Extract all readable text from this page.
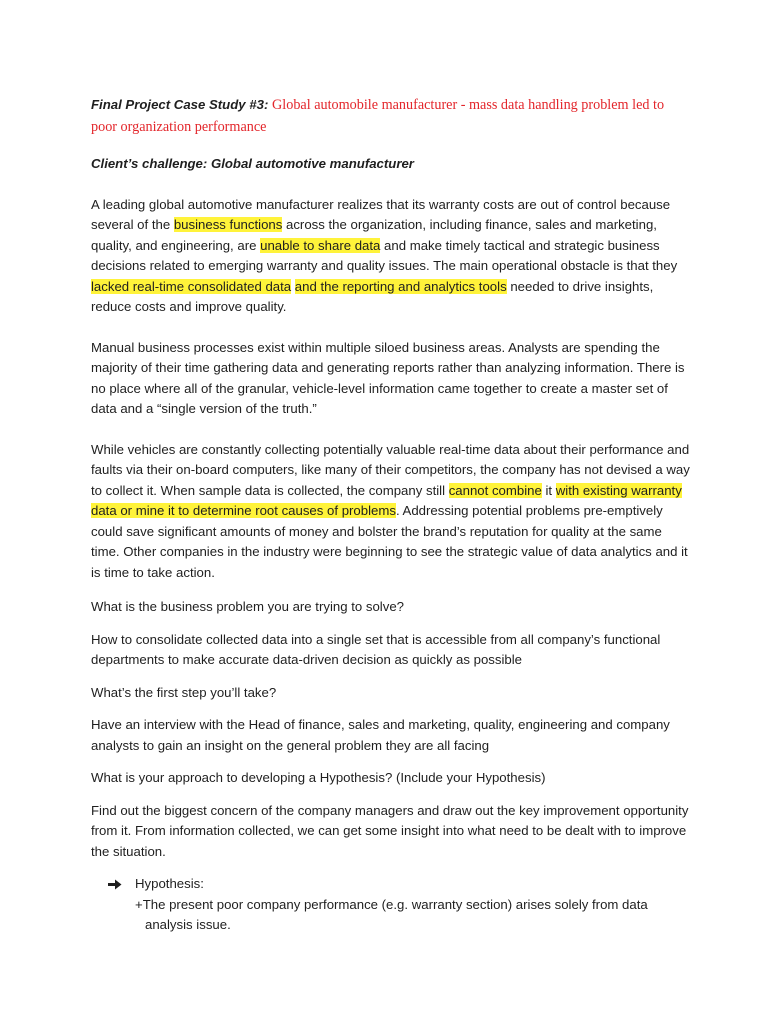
Final Project Case Study #3: Global automobile manufacturer - mass data handling problem led to poor organization performance

Client’s challenge: Global automotive manufacturer

A leading global automotive manufacturer realizes that its warranty costs are out of control because several of the business functions across the organization, including finance, sales and marketing, quality, and engineering, are unable to share data and make timely tactical and strategic business decisions related to emerging warranty and quality issues. The main operational obstacle is that they lacked real-time consolidated data and the reporting and analytics tools needed to drive insights, reduce costs and improve quality.

Manual business processes exist within multiple siloed business areas. Analysts are spending the majority of their time gathering data and generating reports rather than analyzing information. There is no place where all of the granular, vehicle-level information came together to create a master set of data and a “single version of the truth.”

While vehicles are constantly collecting potentially valuable real-time data about their performance and faults via their on-board computers, like many of their competitors, the company has not devised a way to collect it. When sample data is collected, the company still cannot combine it with existing warranty data or mine it to determine root causes of problems. Addressing potential problems pre-emptively could save significant amounts of money and bolster the brand’s reputation for quality at the same time. Other companies in the industry were beginning to see the strategic value of data analytics and it is time to take action.

What is the business problem you are trying to solve?

How to consolidate collected data into a single set that is accessible from all company’s functional departments to make accurate data-driven decision as quickly as possible

What’s the first step you’ll take?

Have an interview with the Head of finance, sales and marketing, quality, engineering and company analysts to gain an insight on the general problem they are all facing

What is your approach to developing a Hypothesis? (Include your Hypothesis)

Find out the biggest concern of the company managers and draw out the key improvement opportunity from it. From information collected, we can get some insight into what need to be dealt with to improve the situation.

Hypothesis:
+The present poor company performance (e.g. warranty section) arises solely from data
analysis issue.
